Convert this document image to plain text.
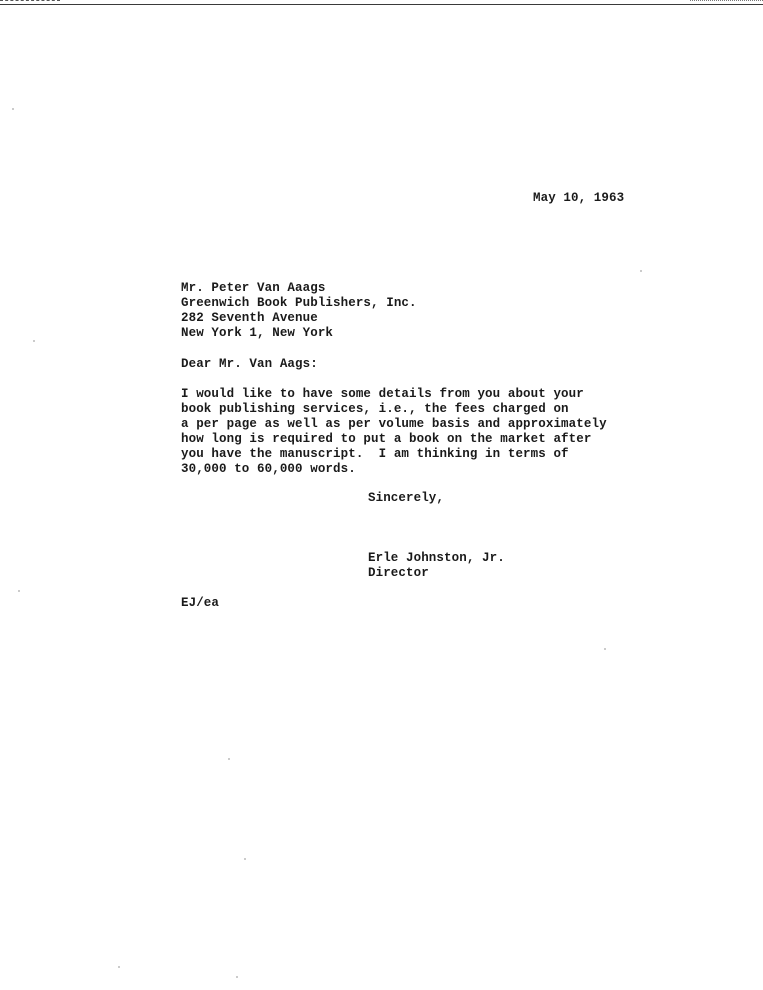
May 10, 1963
Mr. Peter Van Aaags
Greenwich Book Publishers, Inc.
282 Seventh Avenue
New York 1, New York
Dear Mr. Van Aags:
I would like to have some details from you about your
book publishing services, i.e., the fees charged on
a per page as well as per volume basis and approximately
how long is required to put a book on the market after
you have the manuscript.  I am thinking in terms of
30,000 to 60,000 words.
Sincerely,
Erle Johnston, Jr.
Director
EJ/ea
